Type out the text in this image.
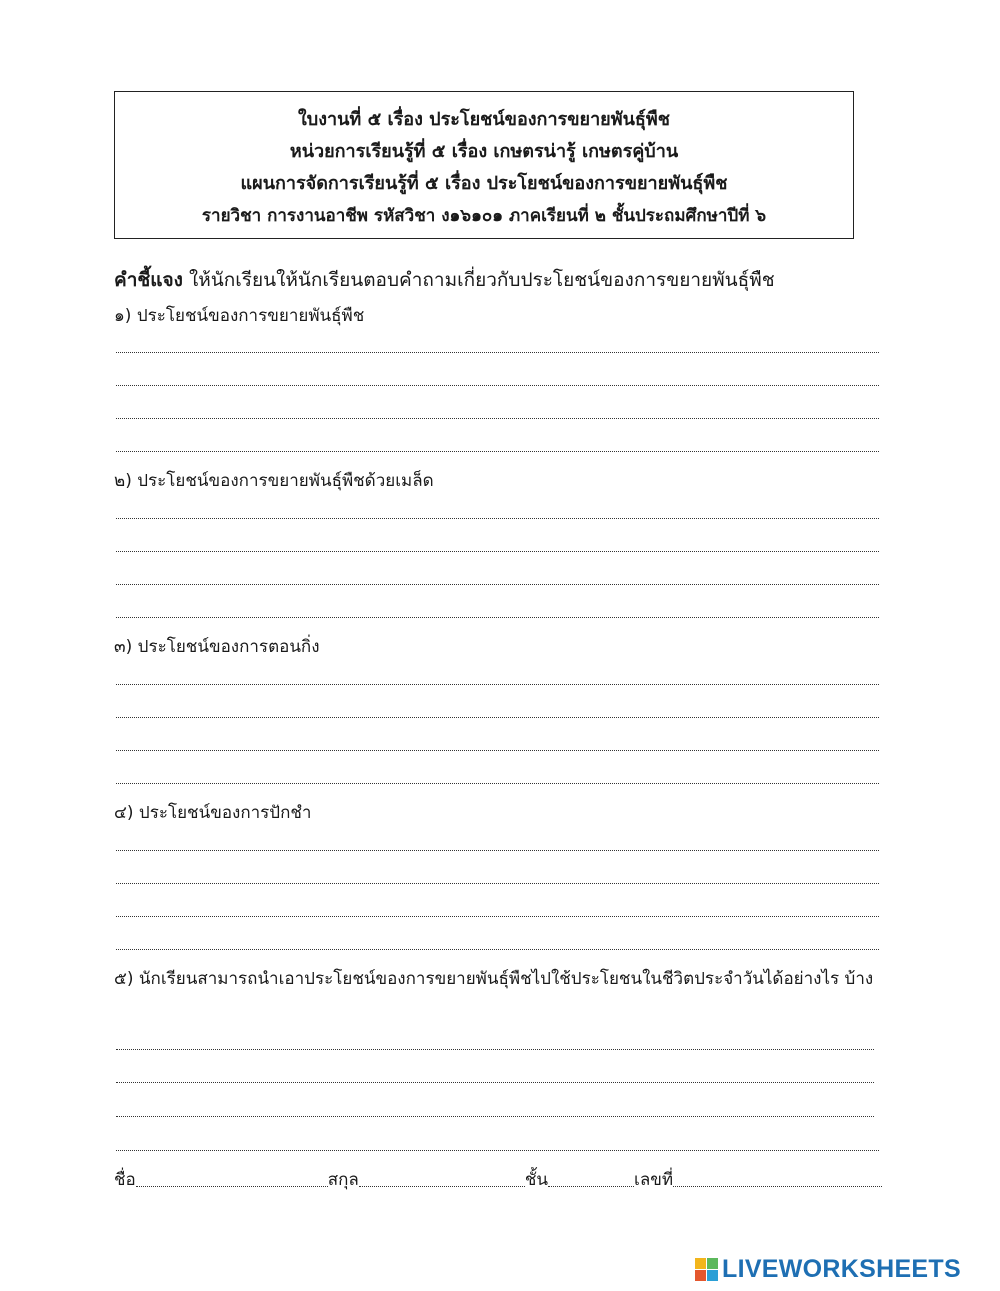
ใบงานที่ ๕ เรื่อง ประโยชน์ของการขยายพันธุ์พืช
หน่วยการเรียนรู้ที่ ๕ เรื่อง เกษตรน่ารู้ เกษตรคู่บ้าน
แผนการจัดการเรียนรู้ที่ ๕ เรื่อง ประโยชน์ของการขยายพันธุ์พืช
รายวิชา การงานอาชีพ รหัสวิชา ง๑๖๑๐๑ ภาคเรียนที่ ๒ ชั้นประถมศึกษาปีที่ ๖
คำชี้แจง ให้นักเรียนให้นักเรียนตอบคำถามเกี่ยวกับประโยชน์ของการขยายพันธุ์พืช
๑) ประโยชน์ของการขยายพันธุ์พืช
๒) ประโยชน์ของการขยายพันธุ์พืชด้วยเมล็ด
๓) ประโยชน์ของการตอนกิ่ง
๔) ประโยชน์ของการปักชำ
๕) นักเรียนสามารถนำเอาประโยชน์ของการขยายพันธุ์พืชไปใช้ประโยชนในชีวิตประจำวันได้อย่างไร บ้าง
ชื่อ	สกุล	ชั้น	เลขที่
LIVEWORKSHEETS
